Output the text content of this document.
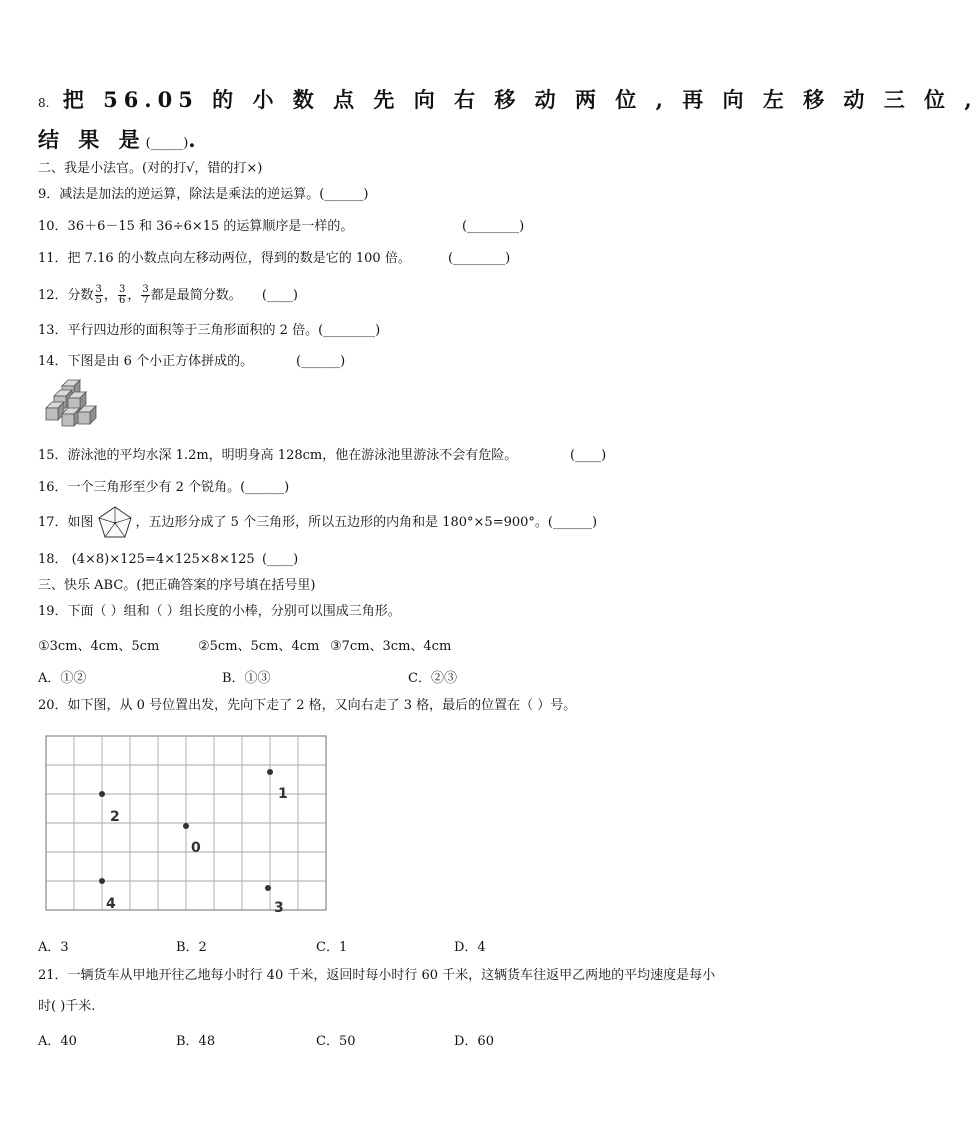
8. 把 56.05 的 小 数 点 先 向 右 移 动 两 位 , 再 向 左 移 动 三 位 ,
结 果 是(_____).
二、我是小法官。(对的打√，错的打×)
9．减法是加法的逆运算，除法是乘法的逆运算。(______)
10．36＋6－15 和 36÷6×15 的运算顺序是一样的。	(________)
11．把 7.16 的小数点向左移动两位，得到的数是它的 100 倍。	(________)
12．分数 $\frac{3}{5}$ ， $\frac{3}{6}$ ， $\frac{3}{7}$ 都是最简分数。 (____)
13．平行四边形的面积等于三角形面积的 2 倍。(________)
14．下图是由 6 个小正方体拼成的。	(______)
15．游泳池的平均水深 1.2m，明明身高 128cm，他在游泳池里游泳不会有危险。	(____)
16．一个三角形至少有 2 个锐角。(______)
17．如图	，五边形分成了 5 个三角形，所以五边形的内角和是 180°×5=900°。(______)
18． (4×8)×125=4×125×8×125 (____)
三、快乐 ABC。(把正确答案的序号填在括号里)
19．下面（ ）组和（ ）组长度的小棒，分别可以围成三角形。
①3cm、4cm、5cm	②5cm、5cm、4cm ③7cm、3cm、4cm
A．①②	B．①③	C．②③
20．如下图，从 0 号位置出发，先向下走了 2 格，又向右走了 3 格，最后的位置在（ ）号。
1
2
0
4	3
A．3	B．2	C．1	D．4
21．一辆货车从甲地开往乙地每小时行 40 千米，返回时每小时行 60 千米，这辆货车往返甲乙两地的平均速度是每小
时( )千米.
A．40	B．48	C．50	D．60
